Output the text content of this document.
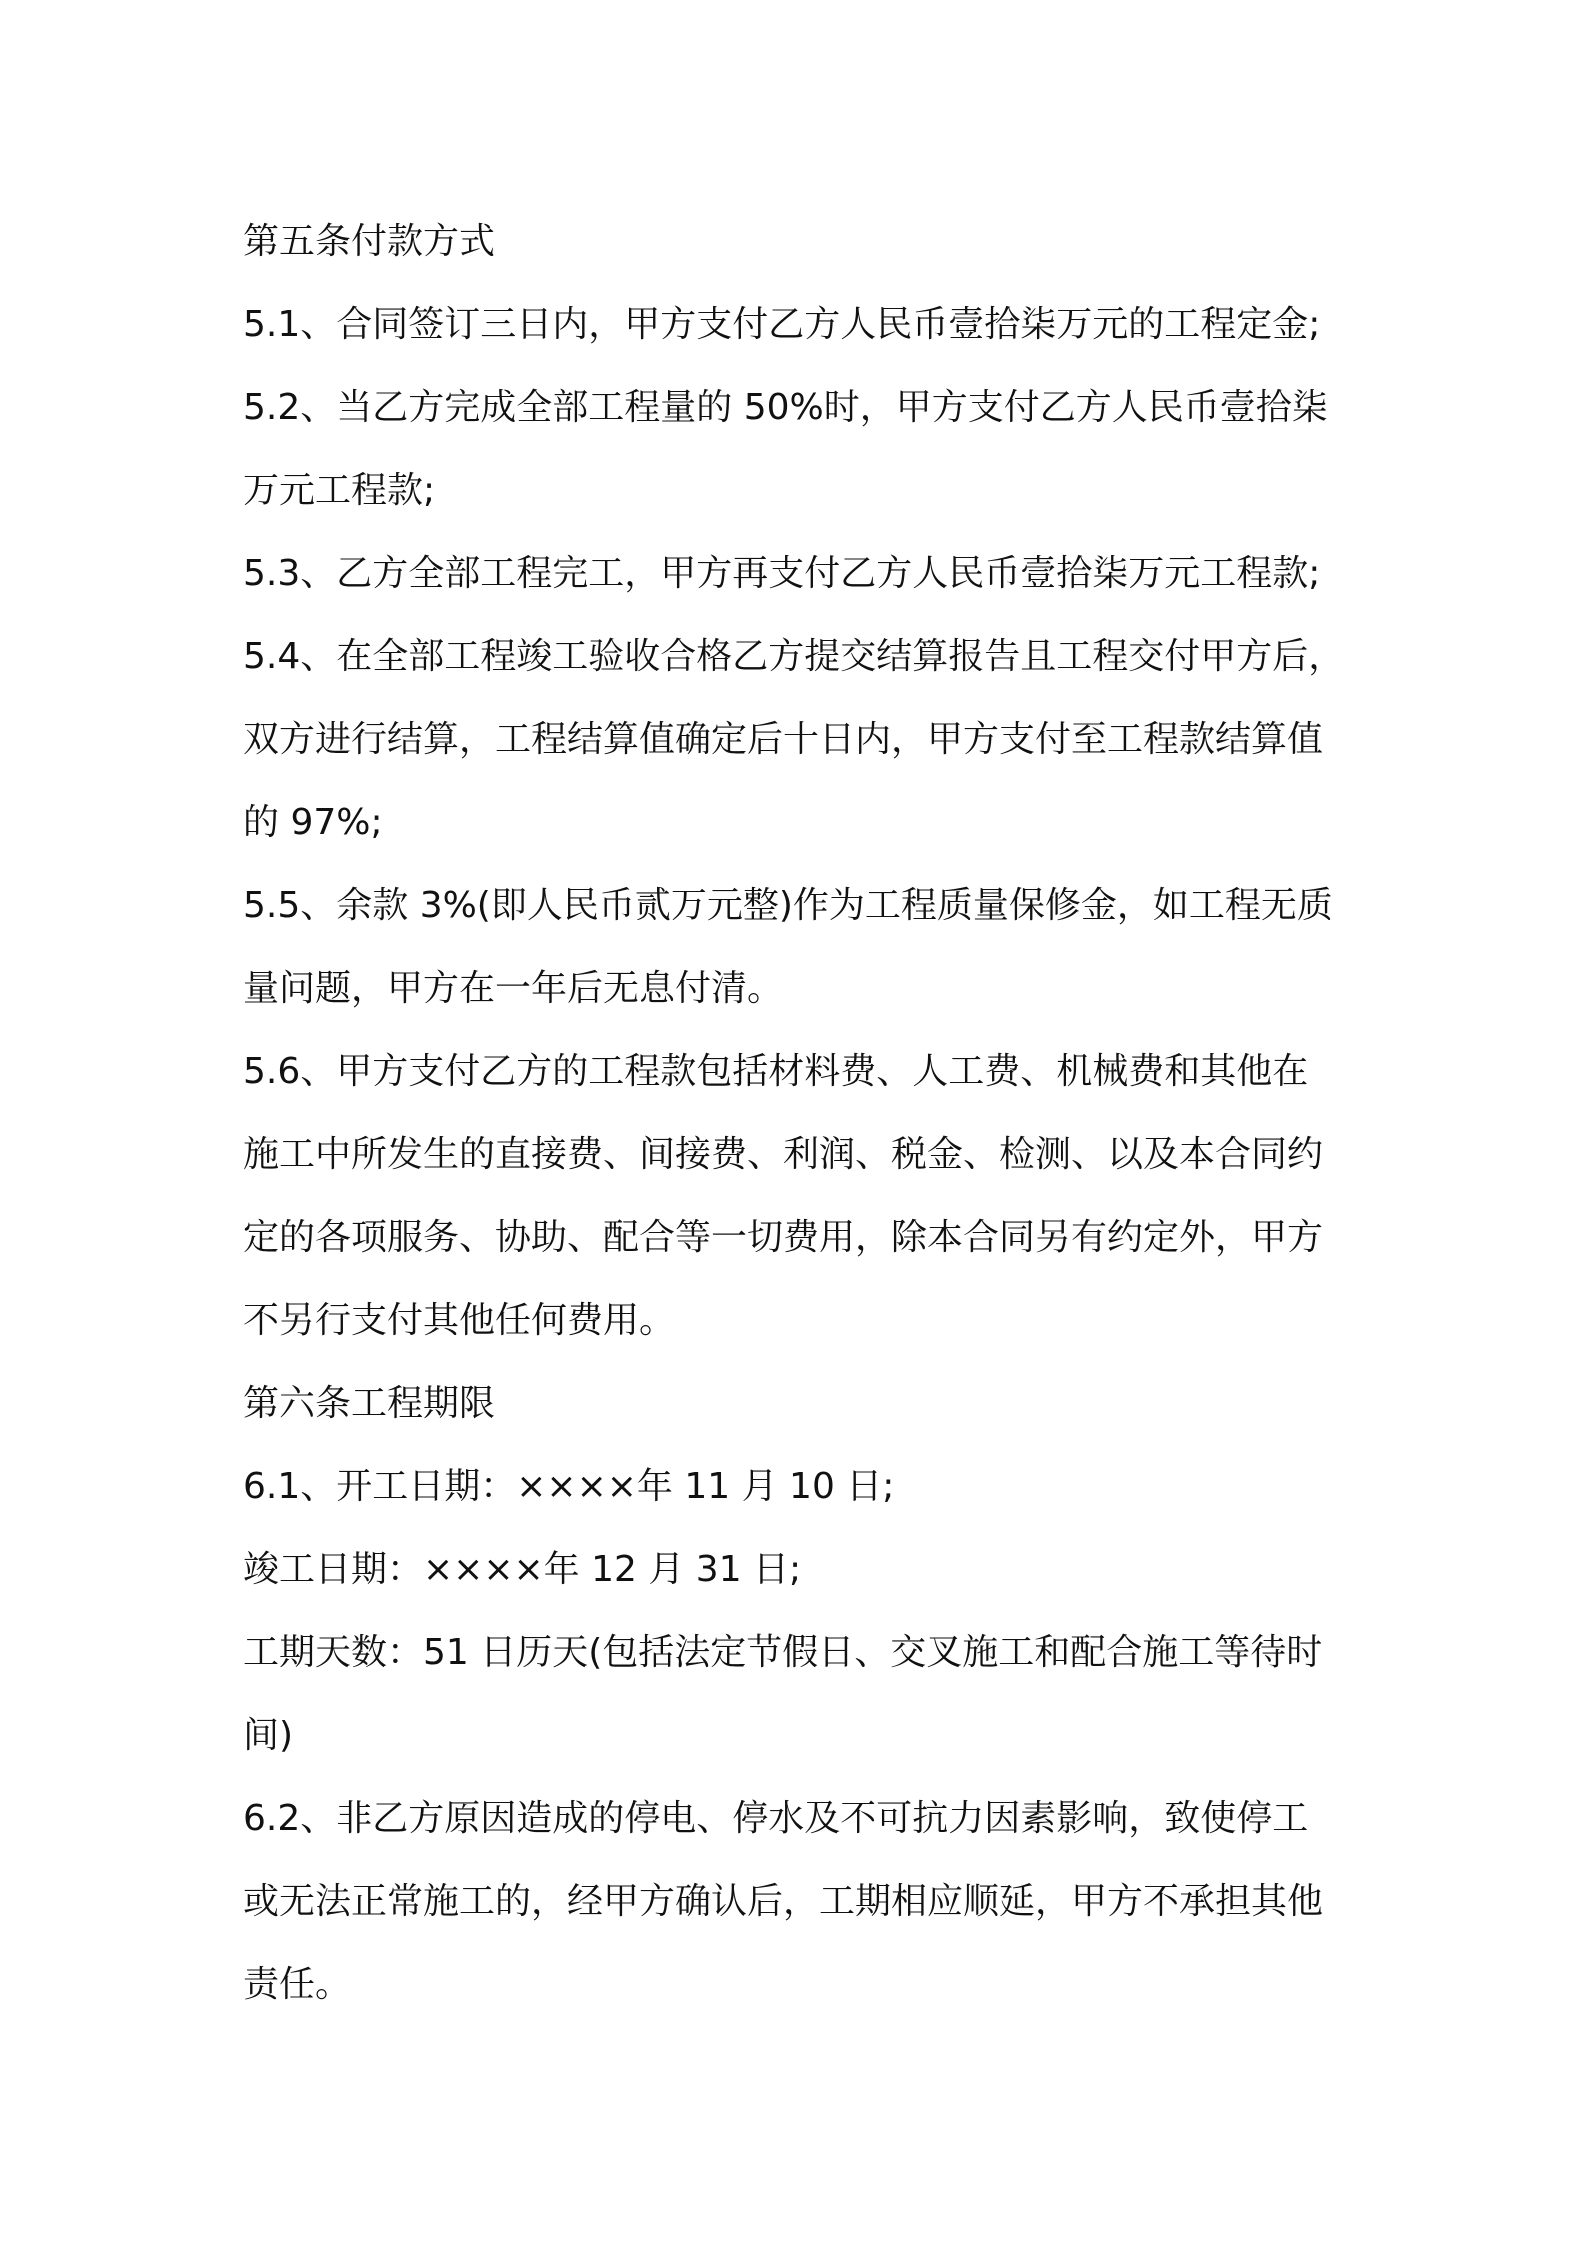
第五条付款方式
5.1、合同签订三日内，甲方支付乙方人民币壹拾柒万元的工程定金;
5.2、当乙方完成全部工程量的 50%时，甲方支付乙方人民币壹拾柒
万元工程款;
5.3、乙方全部工程完工，甲方再支付乙方人民币壹拾柒万元工程款;
5.4、在全部工程竣工验收合格乙方提交结算报告且工程交付甲方后，
双方进行结算，工程结算值确定后十日内，甲方支付至工程款结算值
的 97%;
5.5、余款 3%(即人民币贰万元整)作为工程质量保修金，如工程无质
量问题，甲方在一年后无息付清。
5.6、甲方支付乙方的工程款包括材料费、人工费、机械费和其他在
施工中所发生的直接费、间接费、利润、税金、检测、以及本合同约
定的各项服务、协助、配合等一切费用，除本合同另有约定外，甲方
不另行支付其他任何费用。
第六条工程期限
6.1、开工日期：××××年 11 月 10 日;
竣工日期：××××年 12 月 31 日;
工期天数：51 日历天(包括法定节假日、交叉施工和配合施工等待时
间)
6.2、非乙方原因造成的停电、停水及不可抗力因素影响，致使停工
或无法正常施工的，经甲方确认后，工期相应顺延，甲方不承担其他
责任。
